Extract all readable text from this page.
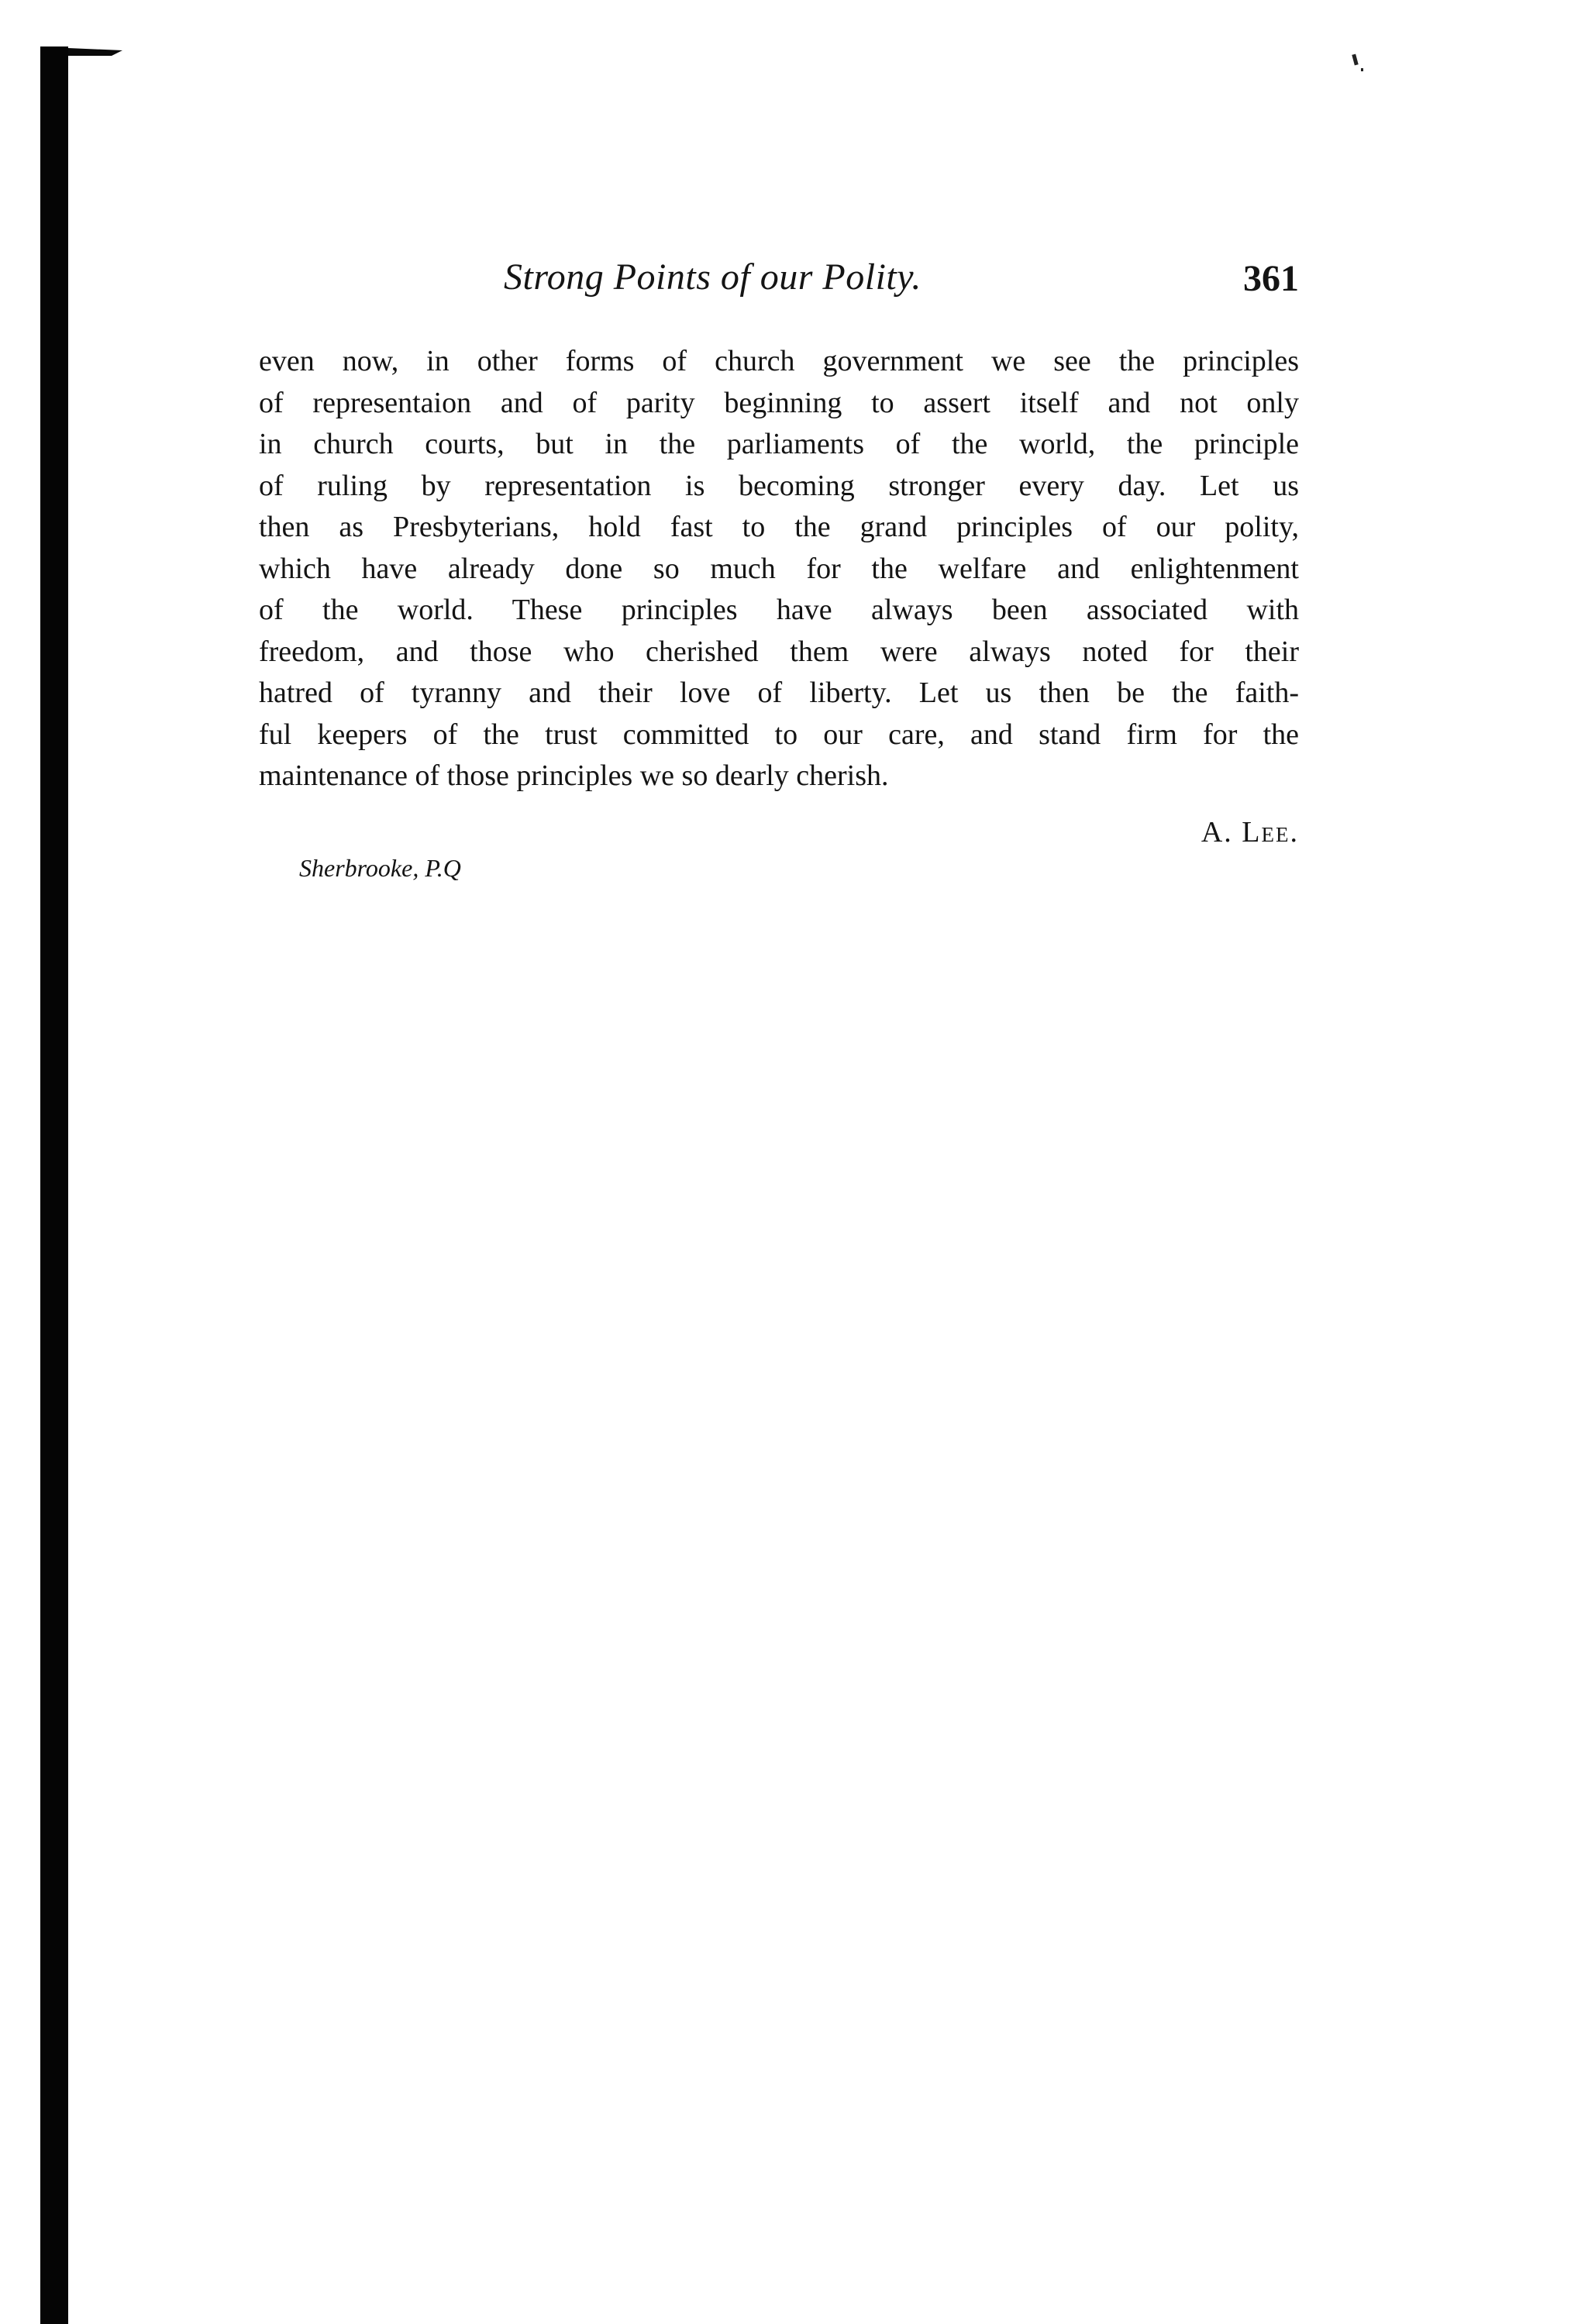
Strong Points of our Polity.	361

even now, in other forms of church government we see the principles
of representaion and of parity beginning to assert itself and not only
in church courts, but in the parliaments of the world, the principle
of ruling by representation is becoming stronger every day. Let us
then as Presbyterians, hold fast to the grand principles of our polity,
which have already done so much for the welfare and enlightenment
of the world. These principles have always been associated with
freedom, and those who cherished them were always noted for their
hatred of tyranny and their love of liberty. Let us then be the faith-
ful keepers of the trust committed to our care, and stand firm for the
maintenance of those principles we so dearly cherish.

A. Lee.
Sherbrooke, P.Q
